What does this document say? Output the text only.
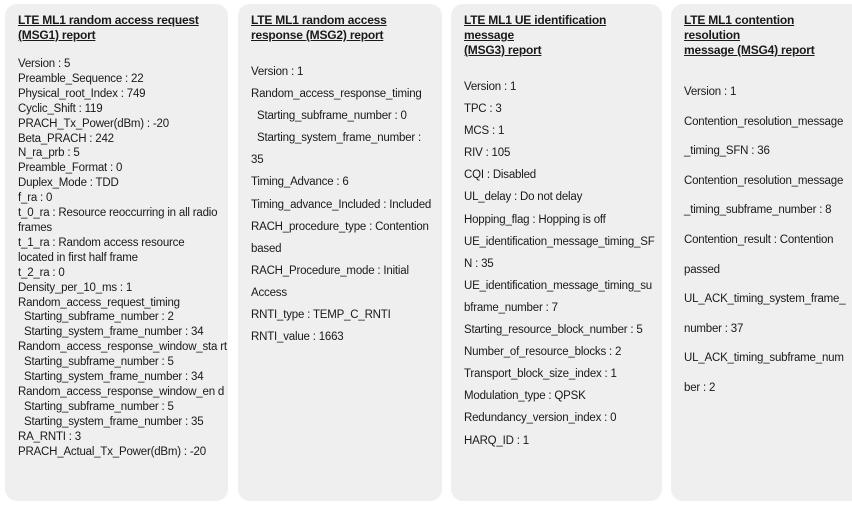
LTE ML1 random access request
(MSG1) report
Version : 5
Preamble_Sequence : 22
Physical_root_Index : 749
Cyclic_Shift : 119
PRACH_Tx_Power(dBm) : -20
Beta_PRACH : 242
N_ra_prb : 5
Preamble_Format : 0
Duplex_Mode : TDD
f_ra : 0
t_0_ra : Resource reoccurring in all radio
frames
t_1_ra : Random access resource
located in first half frame
t_2_ra : 0
Density_per_10_ms : 1
Random_access_request_timing
Starting_subframe_number : 2
Starting_system_frame_number : 34
Random_access_response_window_sta rt
Starting_subframe_number : 5
Starting_system_frame_number : 34
Random_access_response_window_en d
Starting_subframe_number : 5
Starting_system_frame_number : 35
RA_RNTI : 3
PRACH_Actual_Tx_Power(dBm) : -20
LTE ML1 random access
response (MSG2) report
Version : 1
Random_access_response_timing
Starting_subframe_number : 0
Starting_system_frame_number :
35
Timing_Advance : 6
Timing_advance_Included : Included
RACH_procedure_type : Contention
based
RACH_Procedure_mode : Initial
Access
RNTI_type : TEMP_C_RNTI
RNTI_value : 1663
LTE ML1 UE identification message
(MSG3) report
Version : 1
TPC : 3
MCS : 1
RIV : 105
CQI : Disabled
UL_delay : Do not delay
Hopping_flag : Hopping is off
UE_identification_message_timing_SF
N : 35
UE_identification_message_timing_su
bframe_number : 7
Starting_resource_block_number : 5
Number_of_resource_blocks : 2
Transport_block_size_index : 1
Modulation_type : QPSK
Redundancy_version_index : 0
HARQ_ID : 1
LTE ML1 contention resolution
message (MSG4) report
Version : 1
Contention_resolution_message
_timing_SFN : 36
Contention_resolution_message
_timing_subframe_number : 8
Contention_result : Contention
passed
UL_ACK_timing_system_frame_
number : 37
UL_ACK_timing_subframe_num
ber : 2
